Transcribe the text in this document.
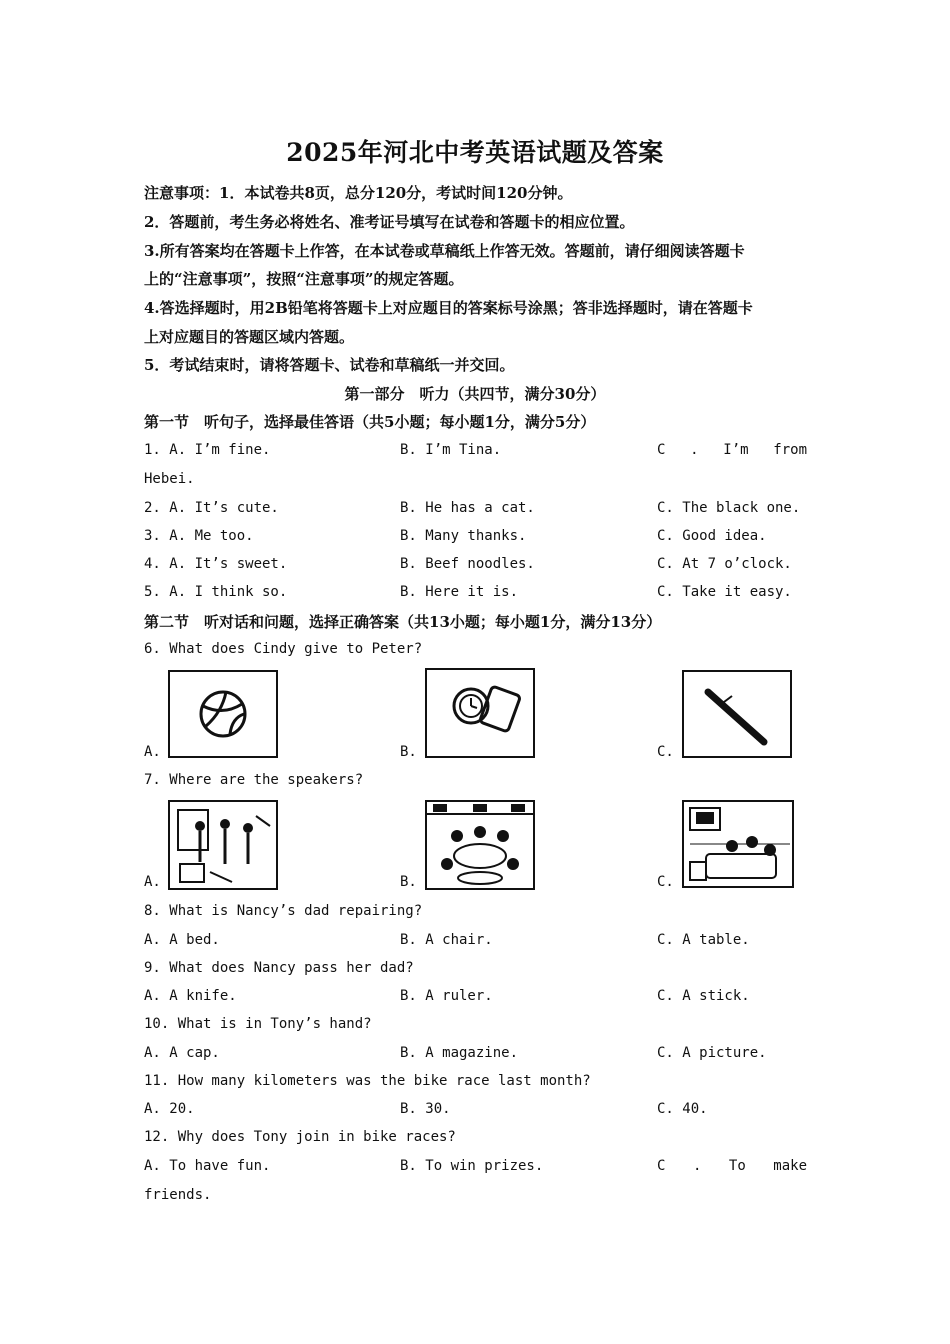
2025年河北中考英语试题及答案
注意事项：1．本试卷共8页，总分120分，考试时间120分钟。
2．答题前，考生务必将姓名、准考证号填写在试卷和答题卡的相应位置。
3.所有答案均在答题卡上作答，在本试卷或草稿纸上作答无效。答题前，请仔细阅读答题卡
上的“注意事项”，按照“注意事项”的规定答题。
4.答选择题时，用2B铅笔将答题卡上对应题目的答案标号涂黑；答非选择题时，请在答题卡
上对应题目的答题区域内答题。
5．考试结束时，请将答题卡、试卷和草稿纸一并交回。
第一部分　听力（共四节，满分30分）
第一节　听句子，选择最佳答语（共5小题；每小题1分，满分5分）
1. A. I’m fine.	B. I’m Tina.	C . I’m from
Hebei.
2. A. It’s cute.	B. He has a cat.	C. The black one.
3. A. Me too.	B. Many thanks.	C. Good idea.
4. A. It’s sweet.	B. Beef noodles.	C. At 7 o’clock.
5. A. I think so.	B. Here it is.	C. Take it easy.
第二节　听对话和问题，选择正确答案（共13小题；每小题1分，满分13分）
6. What does Cindy give to Peter?
A.	B.	C.
7. Where are the speakers?
A.	B.	C.
8. What is Nancy’s dad repairing?
A. A bed.	B. A chair.	C. A table.
9. What does Nancy pass her dad?
A. A knife.	B. A ruler.	C. A stick.
10. What is in Tony’s hand?
A. A cap.	B. A magazine.	C. A picture.
11. How many kilometers was the bike race last month?
A. 20.	B. 30.	C. 40.
12. Why does Tony join in bike races?
A. To have fun.	B. To win prizes.	C . To make
friends.
